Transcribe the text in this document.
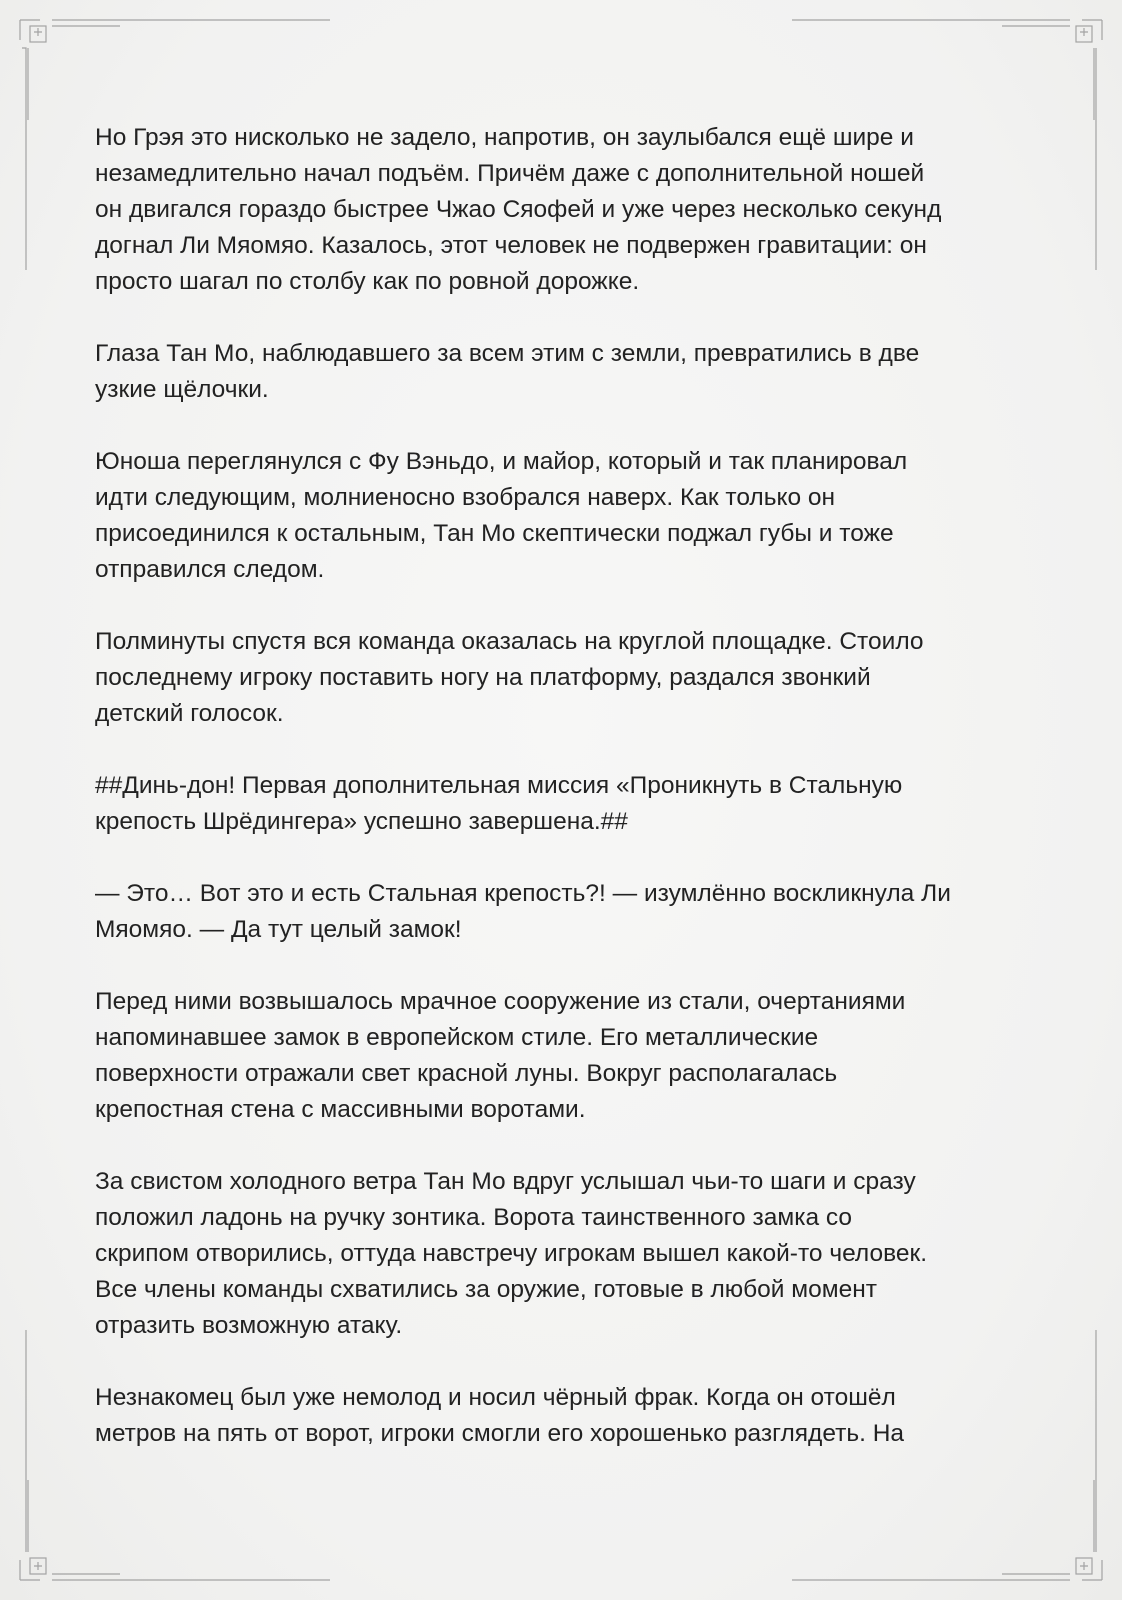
Но Грэя это нисколько не задело, напротив, он заулыбался ещё шире и
незамедлительно начал подъём. Причём даже с дополнительной ношей
он двигался гораздо быстрее Чжао Сяофей и уже через несколько секунд
догнал Ли Мяомяо. Казалось, этот человек не подвержен гравитации: он
просто шагал по столбу как по ровной дорожке.

Глаза Тан Мо, наблюдавшего за всем этим с земли, превратились в две
узкие щёлочки.

Юноша переглянулся с Фу Вэньдо, и майор, который и так планировал
идти следующим, молниеносно взобрался наверх. Как только он
присоединился к остальным, Тан Мо скептически поджал губы и тоже
отправился следом.

Полминуты спустя вся команда оказалась на круглой площадке. Стоило
последнему игроку поставить ногу на платформу, раздался звонкий
детский голосок.

##Динь-дон! Первая дополнительная миссия «Проникнуть в Стальную
крепость Шрёдингера» успешно завершена.##

— Это… Вот это и есть Стальная крепость?! — изумлённо воскликнула Ли
Мяомяо. — Да тут целый замок!

Перед ними возвышалось мрачное сооружение из стали, очертаниями
напоминавшее замок в европейском стиле. Его металлические
поверхности отражали свет красной луны. Вокруг располагалась
крепостная стена с массивными воротами.

За свистом холодного ветра Тан Мо вдруг услышал чьи-то шаги и сразу
положил ладонь на ручку зонтика. Ворота таинственного замка со
скрипом отворились, оттуда навстречу игрокам вышел какой-то человек.
Все члены команды схватились за оружие, готовые в любой момент
отразить возможную атаку.

Незнакомец был уже немолод и носил чёрный фрак. Когда он отошёл
метров на пять от ворот, игроки смогли его хорошенько разглядеть. На
